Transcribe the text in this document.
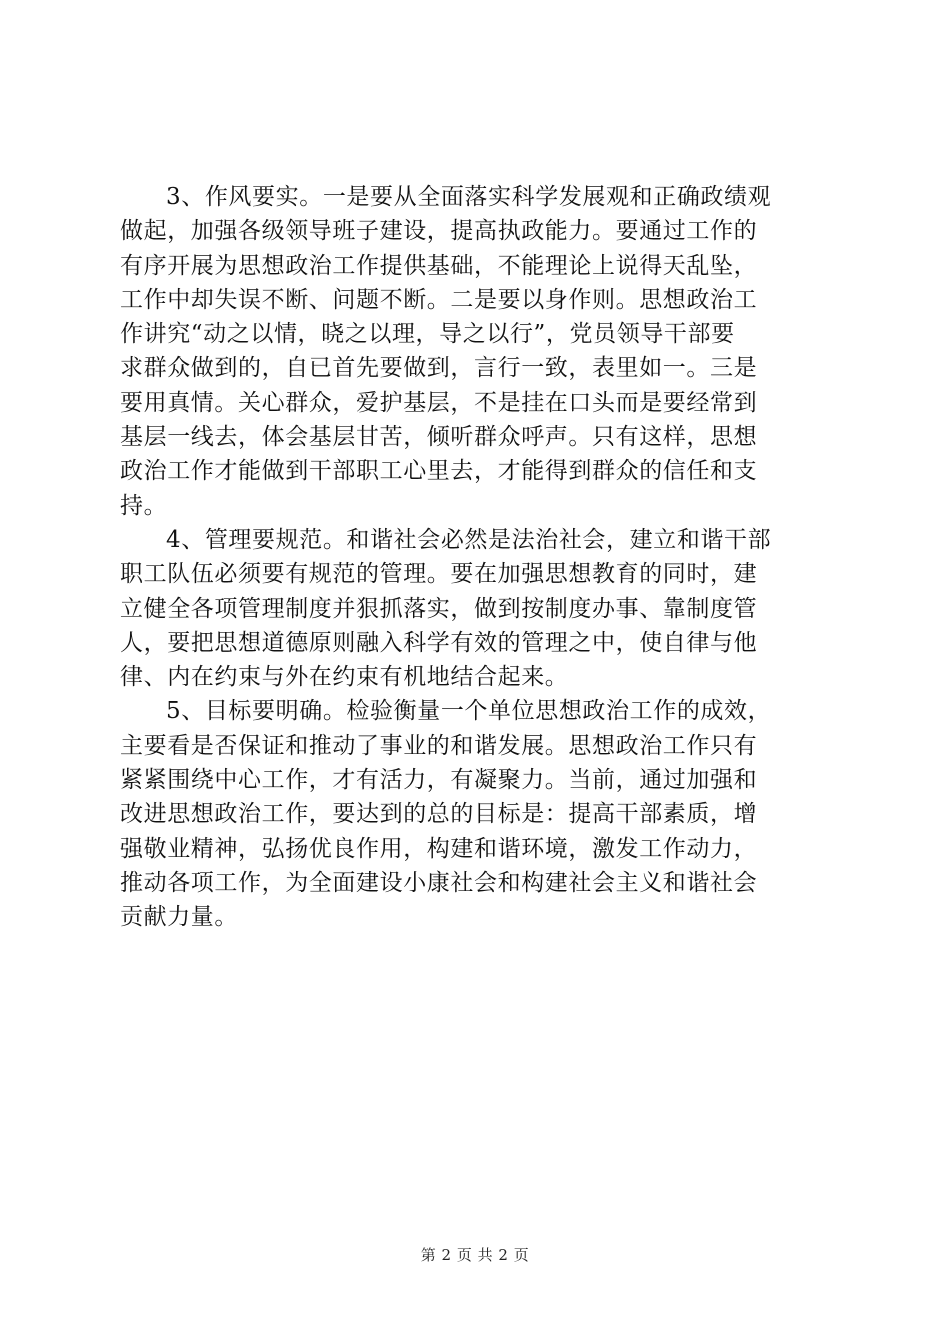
3、作风要实。一是要从全面落实科学发展观和正确政绩观
做起，加强各级领导班子建设，提高执政能力。要通过工作的
有序开展为思想政治工作提供基础，不能理论上说得天乱坠，
工作中却失误不断、问题不断。二是要以身作则。思想政治工
作讲究“动之以情，晓之以理，导之以行”，党员领导干部要
求群众做到的，自已首先要做到，言行一致，表里如一。三是
要用真情。关心群众，爱护基层，不是挂在口头而是要经常到
基层一线去，体会基层甘苦，倾听群众呼声。只有这样，思想
政治工作才能做到干部职工心里去，才能得到群众的信任和支
持。
4、管理要规范。和谐社会必然是法治社会，建立和谐干部
职工队伍必须要有规范的管理。要在加强思想教育的同时，建
立健全各项管理制度并狠抓落实，做到按制度办事、靠制度管
人，要把思想道德原则融入科学有效的管理之中，使自律与他
律、内在约束与外在约束有机地结合起来。
5、目标要明确。检验衡量一个单位思想政治工作的成效，
主要看是否保证和推动了事业的和谐发展。思想政治工作只有
紧紧围绕中心工作，才有活力，有凝聚力。当前，通过加强和
改进思想政治工作，要达到的总的目标是：提高干部素质，增
强敬业精神，弘扬优良作用，构建和谐环境，激发工作动力，
推动各项工作，为全面建设小康社会和构建社会主义和谐社会
贡献力量。
第 2 页 共 2 页
